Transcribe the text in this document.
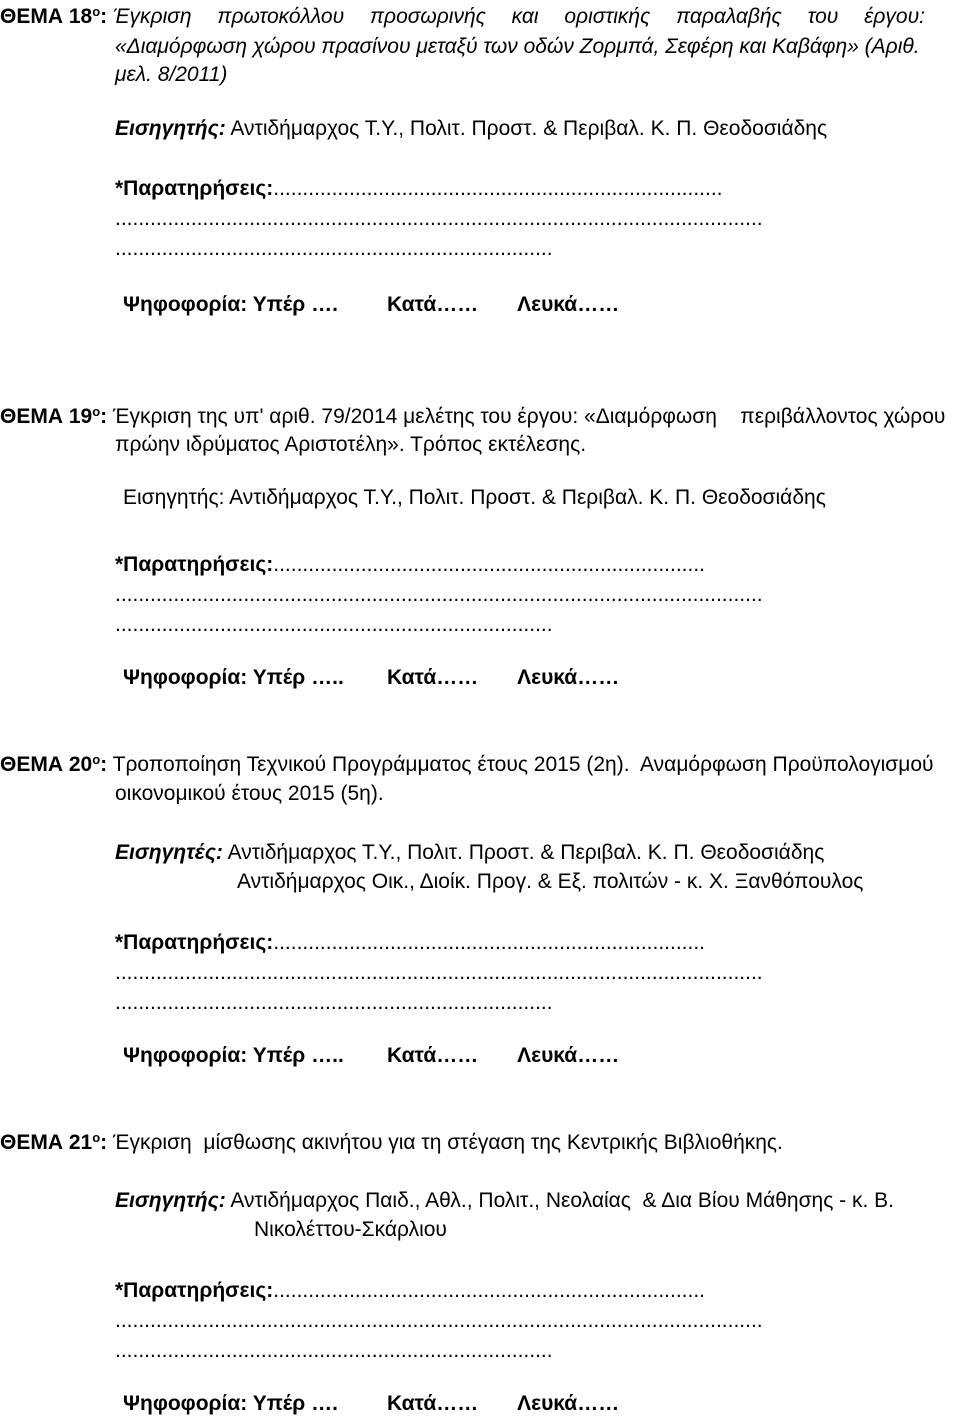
ΘΕΜΑ $18^o$: Έγκριση πρωτοκόλλου προσωρινής και οριστικής παραλαβής του έργου:
«Διαμόρφωση χώρου πρασίνου μεταξύ των οδών Ζορμπά, Σεφέρη και Καβάφη» (Αριθ.
μελ. 8/2011)
Εισηγητής: Αντιδήμαρχος Τ.Υ., Πολιτ. Προστ. & Περιβαλ. Κ. Π. Θεοδοσιάδης
*Παρατηρήσεις:.............................................................................
...............................................................................................................
...........................................................................
Ψηφοφορία: Υπέρ …. Κατά…… Λευκά……
ΘΕΜΑ $19^o$: Έγκριση της υπ' αριθ. 79/2014 μελέτης του έργου: «Διαμόρφωση    περιβάλλοντος χώρου
πρώην ιδρύματος Αριστοτέλη». Τρόπος εκτέλεσης.
Εισηγητής: Αντιδήμαρχος Τ.Υ., Πολιτ. Προστ. & Περιβαλ. Κ. Π. Θεοδοσιάδης
*Παρατηρήσεις:..........................................................................
...............................................................................................................
...........................................................................
Ψηφοφορία: Υπέρ ….. Κατά…… Λευκά……
ΘΕΜΑ $20^o$: Τροποποίηση Τεχνικού Προγράμματος έτους 2015 (2η).  Αναμόρφωση Προϋπολογισμού
οικονομικού έτους 2015 (5η).
Εισηγητές: Αντιδήμαρχος Τ.Υ., Πολιτ. Προστ. & Περιβαλ. Κ. Π. Θεοδοσιάδης
Αντιδήμαρχος Οικ., Διοίκ. Προγ. & Εξ. πολιτών - κ. Χ. Ξανθόπουλος
*Παρατηρήσεις:..........................................................................
...............................................................................................................
...........................................................................
Ψηφοφορία: Υπέρ ….. Κατά…… Λευκά……
ΘΕΜΑ $21^o$: Έγκριση  μίσθωσης ακινήτου για τη στέγαση της Κεντρικής Βιβλιοθήκης.
Εισηγητής: Αντιδήμαρχος Παιδ., Αθλ., Πολιτ., Νεολαίας  & Δια Βίου Μάθησης - κ. Β.
Νικολέττου-Σκάρλιου
*Παρατηρήσεις:..........................................................................
...............................................................................................................
...........................................................................
Ψηφοφορία: Υπέρ …. Κατά…… Λευκά……
